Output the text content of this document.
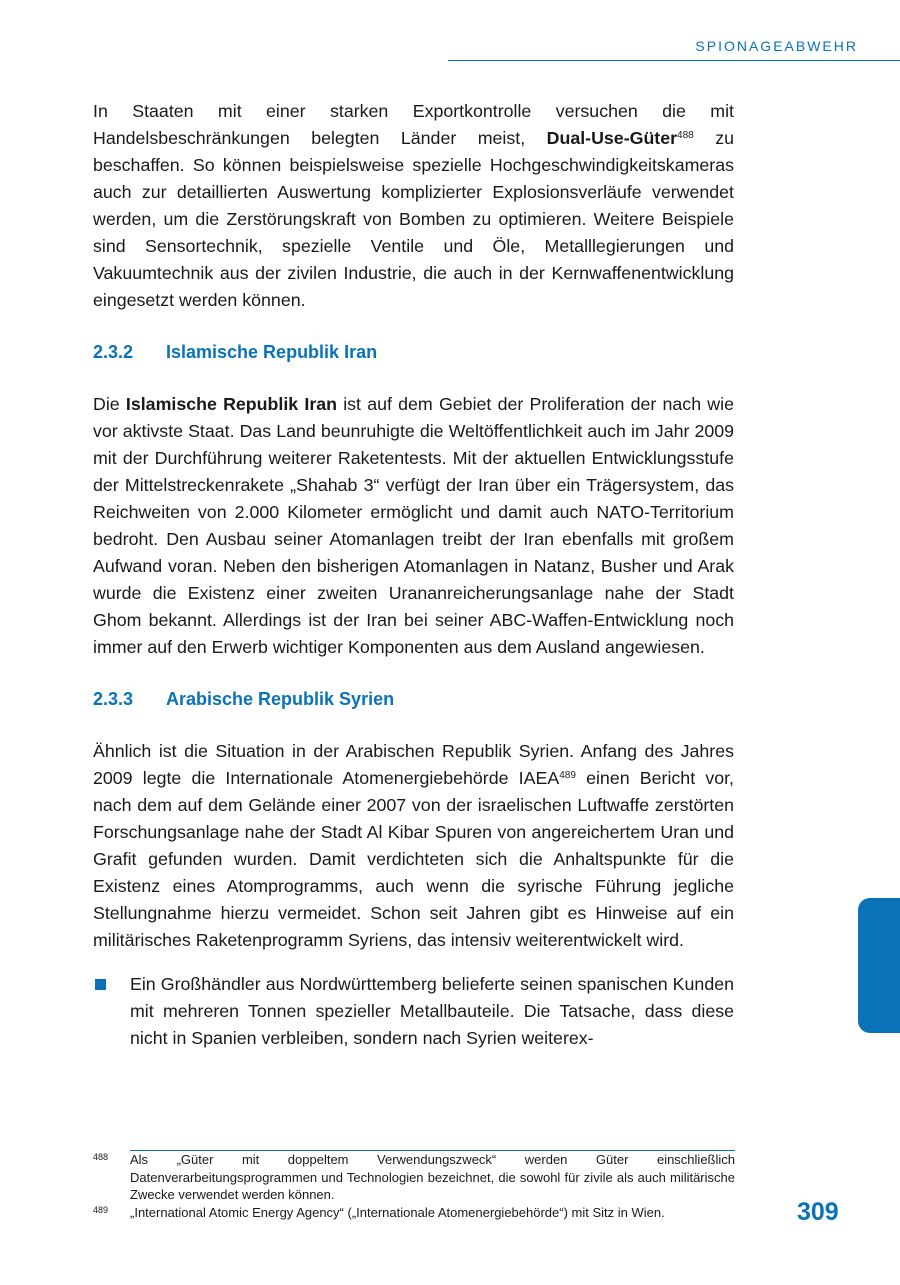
SPIONAGEABWEHR

In Staaten mit einer starken Exportkontrolle versuchen die mit Handelsbeschränkungen belegten Länder meist, Dual-Use-Güter$^{488}$ zu beschaffen. So können beispielsweise spezielle Hochgeschwindigkeitskameras auch zur detaillierten Auswertung komplizierter Explosionsverläufe verwendet werden, um die Zerstörungskraft von Bomben zu optimieren. Weitere Beispiele sind Sensortechnik, spezielle Ventile und Öle, Metalllegierungen und Vakuumtechnik aus der zivilen Industrie, die auch in der Kernwaffenentwicklung eingesetzt werden können.

2.3.2 Islamische Republik Iran

Die Islamische Republik Iran ist auf dem Gebiet der Proliferation der nach wie vor aktivste Staat. Das Land beunruhigte die Weltöffentlichkeit auch im Jahr 2009 mit der Durchführung weiterer Raketentests. Mit der aktuellen Entwicklungsstufe der Mittelstreckenrakete „Shahab 3“ verfügt der Iran über ein Trägersystem, das Reichweiten von 2.000 Kilometer ermöglicht und damit auch NATO-Territorium bedroht. Den Ausbau seiner Atomanlagen treibt der Iran ebenfalls mit großem Aufwand voran. Neben den bisherigen Atomanlagen in Natanz, Busher und Arak wurde die Existenz einer zweiten Urananreicherungsanlage nahe der Stadt Ghom bekannt. Allerdings ist der Iran bei seiner ABC-Waffen-Entwicklung noch immer auf den Erwerb wichtiger Komponenten aus dem Ausland angewiesen.

2.3.3 Arabische Republik Syrien

Ähnlich ist die Situation in der Arabischen Republik Syrien. Anfang des Jahres 2009 legte die Internationale Atomenergiebehörde IAEA$^{489}$ einen Bericht vor, nach dem auf dem Gelände einer 2007 von der israelischen Luftwaffe zerstörten Forschungsanlage nahe der Stadt Al Kibar Spuren von angereichertem Uran und Grafit gefunden wurden. Damit verdichteten sich die Anhaltspunkte für die Existenz eines Atomprogramms, auch wenn die syrische Führung jegliche Stellungnahme hierzu vermeidet. Schon seit Jahren gibt es Hinweise auf ein militärisches Raketenprogramm Syriens, das intensiv weiterentwickelt wird.

Ein Großhändler aus Nordwürttemberg belieferte seinen spanischen Kunden mit mehreren Tonnen spezieller Metallbauteile. Die Tatsache, dass diese nicht in Spanien verbleiben, sondern nach Syrien weiterex-

488 Als „Güter mit doppeltem Verwendungszweck“ werden Güter einschließlich Datenverarbeitungsprogrammen und Technologien bezeichnet, die sowohl für zivile als auch militärische Zwecke verwendet werden können.
489 „International Atomic Energy Agency“ („Internationale Atomenergiebehörde“) mit Sitz in Wien.	309
